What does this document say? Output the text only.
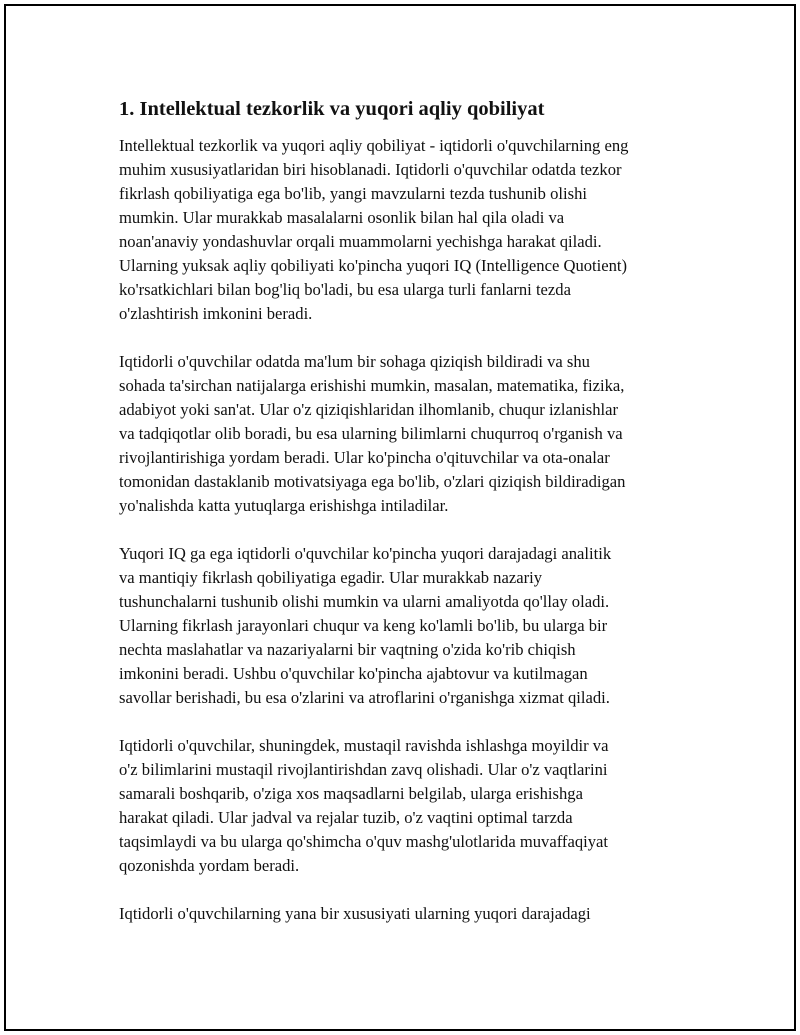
1. Intellektual tezkorlik va yuqori aqliy qobiliyat

Intellektual tezkorlik va yuqori aqliy qobiliyat - iqtidorli o'quvchilarning eng
muhim xususiyatlaridan biri hisoblanadi. Iqtidorli o'quvchilar odatda tezkor
fikrlash qobiliyatiga ega bo'lib, yangi mavzularni tezda tushunib olishi
mumkin. Ular murakkab masalalarni osonlik bilan hal qila oladi va
noan'anaviy yondashuvlar orqali muammolarni yechishga harakat qiladi.
Ularning yuksak aqliy qobiliyati ko'pincha yuqori IQ (Intelligence Quotient)
ko'rsatkichlari bilan bog'liq bo'ladi, bu esa ularga turli fanlarni tezda
o'zlashtirish imkonini beradi.

Iqtidorli o'quvchilar odatda ma'lum bir sohaga qiziqish bildiradi va shu
sohada ta'sirchan natijalarga erishishi mumkin, masalan, matematika, fizika,
adabiyot yoki san'at. Ular o'z qiziqishlaridan ilhomlanib, chuqur izlanishlar
va tadqiqotlar olib boradi, bu esa ularning bilimlarni chuqurroq o'rganish va
rivojlantirishiga yordam beradi. Ular ko'pincha o'qituvchilar va ota-onalar
tomonidan dastaklanib motivatsiyaga ega bo'lib, o'zlari qiziqish bildiradigan
yo'nalishda katta yutuqlarga erishishga intiladilar.

Yuqori IQ ga ega iqtidorli o'quvchilar ko'pincha yuqori darajadagi analitik
va mantiqiy fikrlash qobiliyatiga egadir. Ular murakkab nazariy
tushunchalarni tushunib olishi mumkin va ularni amaliyotda qo'llay oladi.
Ularning fikrlash jarayonlari chuqur va keng ko'lamli bo'lib, bu ularga bir
nechta maslahatlar va nazariyalarni bir vaqtning o'zida ko'rib chiqish
imkonini beradi. Ushbu o'quvchilar ko'pincha ajabtovur va kutilmagan
savollar berishadi, bu esa o'zlarini va atroflarini o'rganishga xizmat qiladi.

Iqtidorli o'quvchilar, shuningdek, mustaqil ravishda ishlashga moyildir va
o'z bilimlarini mustaqil rivojlantirishdan zavq olishadi. Ular o'z vaqtlarini
samarali boshqarib, o'ziga xos maqsadlarni belgilab, ularga erishishga
harakat qiladi. Ular jadval va rejalar tuzib, o'z vaqtini optimal tarzda
taqsimlaydi va bu ularga qo'shimcha o'quv mashg'ulotlarida muvaffaqiyat
qozonishda yordam beradi.

Iqtidorli o'quvchilarning yana bir xususiyati ularning yuqori darajadagi
